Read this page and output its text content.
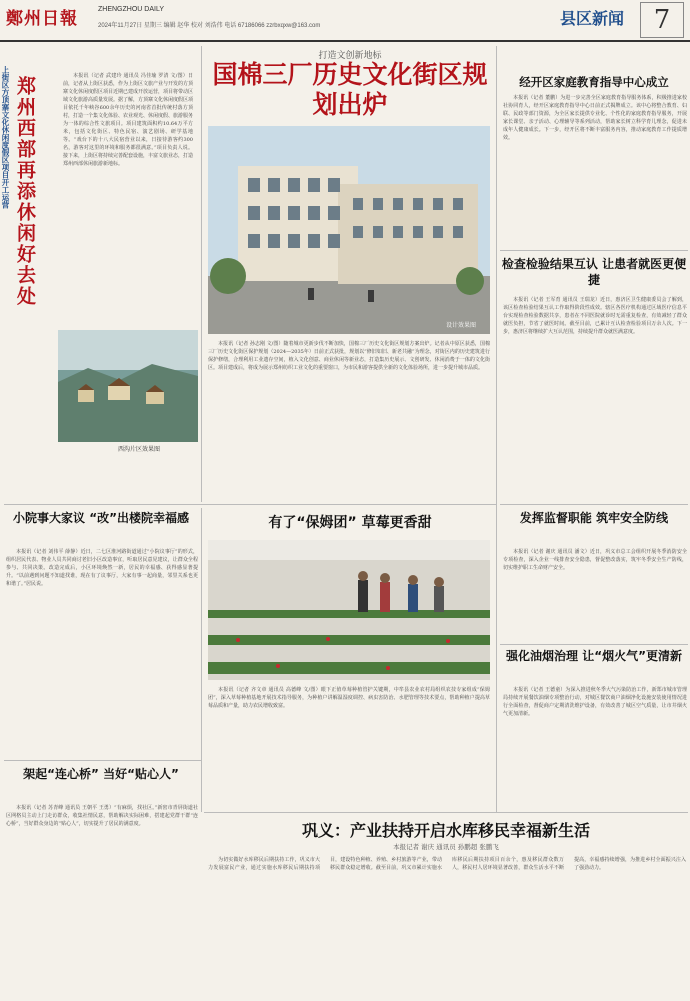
鄭州日報	ZHENGZHOU DAILY
2024年11月27日 星期三 编辑 赵华 校对 刘浩伟 电话 67186066 zzrbxqxw@163.com	县区新闻	7
郑州西部再添休闲好去处
上街区方顶寨文化休闲度假区项目开工运营	本报讯（记者 武建玲 通讯员 冯佳瑜 罗清 文/图）日前，记者从上街区获悉，作为上街区文旅产业与开发的方顶寨文化休闲度假区项目近期已建成开放运营，项目将带动区域文化旅游高质量发展。据了解，方顶寨文化休闲度假区项目依托千年峡谷600余年历史的河南省首批传统村落方顶村，打造一个集文化体验、农业观光、休闲度假、旅游服务为一体的综合性文旅项目。项目建筑面积约10.64万平方米，包括文化街区、特色民宿、演艺剧场、研学基地等。“戏台下的十八大民宿营业以来，日接待游客约300名，游客对这里的环境和服务都很满意。”项目负责人说。接下来，上街区将持续完善配套设施，丰富文旅业态，打造郑州西部休闲旅游新地标。
西沟片区效果图
打造文创新地标
国棉三厂历史文化街区规划出炉
设计效果图
本报讯（记者 孙志刚 文/图）随着城市更新步伐不断加快，国棉三厂历史文化街区规划方案出炉。记者从中原区获悉，国棉三厂历史文化街区保护规划（2024—2035年）日前正式获批，规划以“修旧如旧、新老共融”为理念，对街区内的历史建筑进行保护修缮，合理利用工业遗存空间，植入文化创意、商业休闲等新业态，打造集历史展示、文创研发、休闲消费于一体的文化街区。项目建成后，将成为展示郑州纺织工业文化的重要窗口，为市民和游客提供全新的文化体验场所，进一步提升城市品质。
经开区家庭教育指导中心成立
本报讯（记者 董鹏）为进一步完善全区家庭教育指导服务体系，积极推进家校社协同育人，经开区家庭教育指导中心日前正式揭牌成立。该中心将整合教育、妇联、民政等部门资源，为全区家长提供专业化、个性化的家庭教育指导服务，开展家长课堂、亲子活动、心理辅导等系列活动，帮助家长树立科学育儿理念，促进未成年人健康成长。下一步，经开区将不断丰富服务内容，推动家庭教育工作提质增效。
检查检验结果互认 让患者就医更便捷
本报讯（记者 王军育 通讯员 王瑞龙）近日，惠济区卫生健康委员会了解到，该区检查检验结果互认工作取得阶段性成效。辖区各医疗机构通过区域医疗信息平台实现检查检验数据共享，患者在不同医院就诊时无需重复检查，有效减轻了群众就医负担，节省了就医时间。截至目前，已累计互认检查检验项目万余人次。下一步，惠济区将继续扩大互认范围，持续提升群众就医满意度。
发挥监督职能 筑牢安全防线
本报讯（记者 谢庆 通讯员 潘文）近日，巩义市总工会组织开展冬季消防安全专项检查，深入企业一线排查安全隐患，督促整改落实，筑牢冬季安全生产防线，切实维护职工生命财产安全。
强化油烟治理 让“烟火气”更清新
本报讯（记者 王德童）为深入推进秋冬季大气污染防治工作，新郑市城市管理局持续开展餐饮油烟专项整治行动，对城区餐饮商户油烟净化设施安装使用情况进行全面检查，督促商户定期清洗维护设备，有效改善了城区空气质量，让市井烟火气更加清新。
小院事大家议 “改”出楼院幸福感
本报讯（记者 刘伟平 薛静）近日，二七区淮河路街道通过“小院议事厅”的形式，组织居民代表、物业人员共同商讨老旧小区改造事宜，听取居民意见建议，让群众全程参与、共同决策。改造完成后，小区环境焕然一新，居民的幸福感、获得感显著提升。“以前遇到问题不知道找谁，现在有了议事厅，大家有事一起商量，邻里关系也更和谐了。”居民说。
有了“保姆团” 草莓更香甜
本报讯（记者 齐文章 通讯员 高德峰 文/图）眼下正值草莓种植管护关键期，中牟县农业农村局组织农技专家组成“保姆团”，深入草莓种植基地开展技术指导服务，为种植户讲解温湿度调控、病虫害防治、水肥管理等技术要点，帮助种植户提高草莓品质和产量，助力农民增收致富。
架起“连心桥” 当好“贴心人”
本报讯（记者 苏青峰 通讯员 王朝平 王勇）“有麻烦，找社区。”新密市青屏街道社区网格员主动上门走访群众，收集社情民意，帮助解决实际困难，搭建起党群干群“连心桥”，当好群众身边的“贴心人”，切实提升了居民的满意度。	巩义：产业扶持开启水库移民幸福新生活
本报记者 谢庆 通讯员 孙鹏超 张鹏飞
为切实做好水库移民后期扶持工作，巩义市大力发展富民产业，通过实施水库移民后期扶持项目，建设特色种植、养殖、乡村旅游等产业，带动移民群众稳定增收。截至目前，巩义市累计实施水库移民后期扶持项目百余个，惠及移民群众数万人，移民村人居环境显著改善，群众生活水平不断提高，幸福感持续增强，为推进乡村全面振兴注入了强劲动力。
